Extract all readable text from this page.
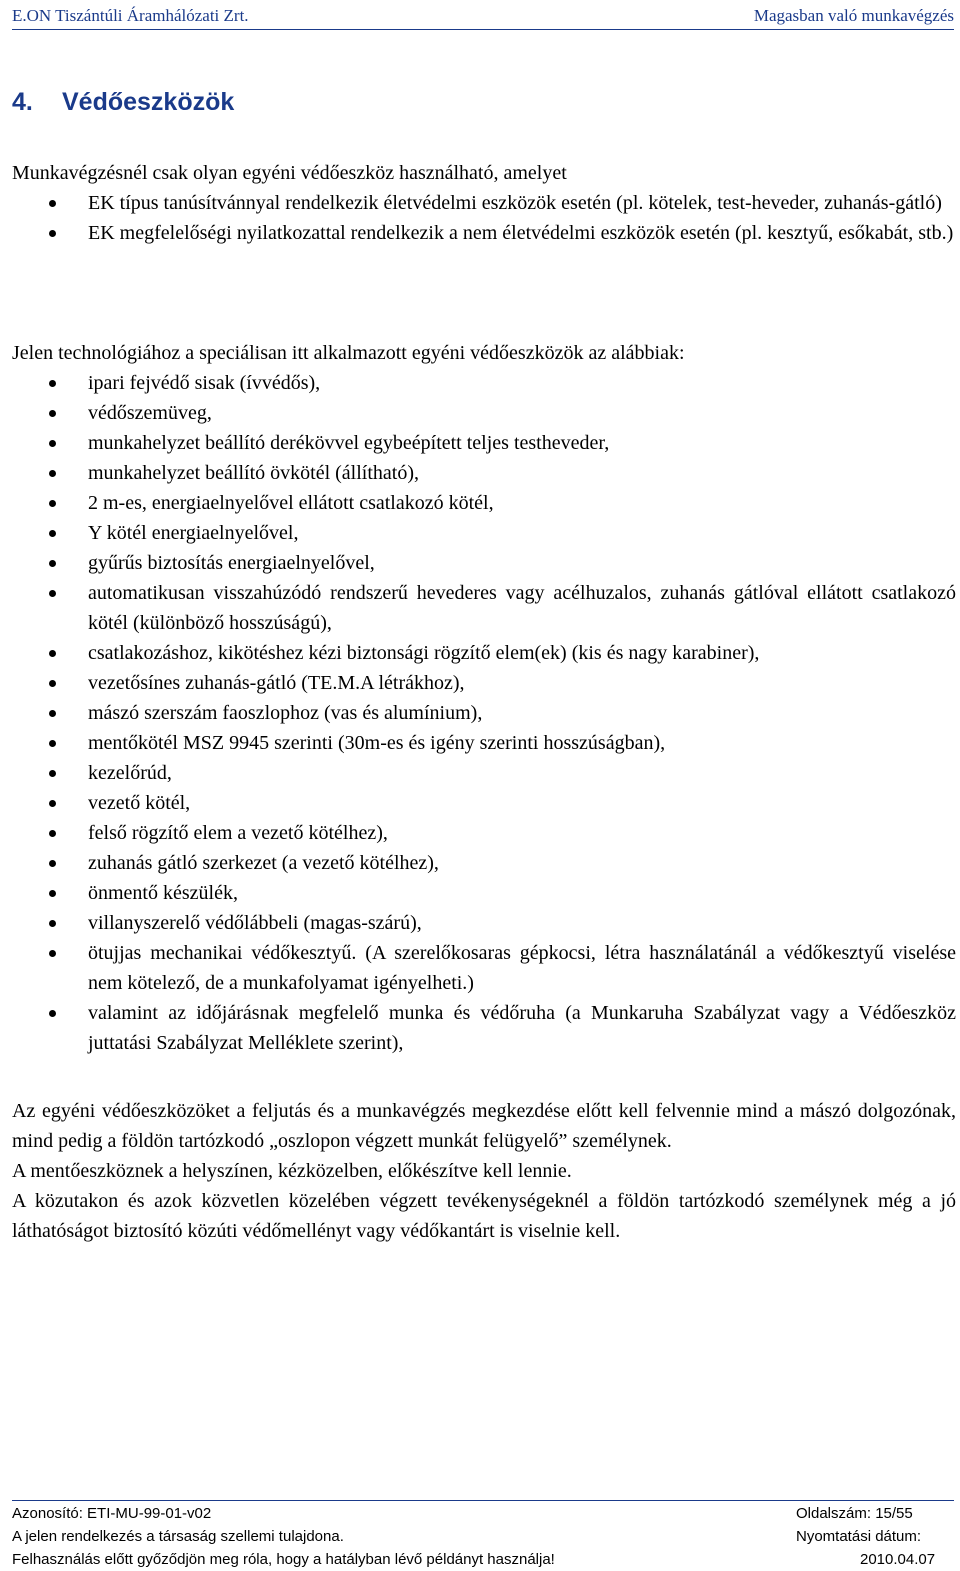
E.ON Tiszántúli Áramhálózati Zrt.	Magasban való munkavégzés
4. Védőeszközök

Munkavégzésnél csak olyan egyéni védőeszköz használható, amelyet

EK típus tanúsítvánnyal rendelkezik életvédelmi eszközök esetén (pl. kötelek, test-heveder, zuhanás-gátló)
EK megfelelőségi nyilatkozattal rendelkezik a nem életvédelmi eszközök esetén (pl. kesztyű, esőkabát, stb.)

Jelen technológiához a speciálisan itt alkalmazott egyéni védőeszközök az alábbiak:

ipari fejvédő sisak (ívvédős),
védőszemüveg,
munkahelyzet beállító derékövvel egybeépített teljes testheveder,
munkahelyzet beállító övkötél (állítható),
2 m-es, energiaelnyelővel ellátott csatlakozó kötél,
Y kötél energiaelnyelővel,
gyűrűs biztosítás energiaelnyelővel,
automatikusan visszahúzódó rendszerű hevederes vagy acélhuzalos, zuhanás gátlóval ellátott csatlakozó kötél (különböző hosszúságú),
csatlakozáshoz, kikötéshez kézi biztonsági rögzítő elem(ek) (kis és nagy karabiner),
vezetősínes zuhanás-gátló (TE.M.A létrákhoz),
mászó szerszám faoszlophoz (vas és alumínium),
mentőkötél MSZ 9945 szerinti (30m-es és igény szerinti hosszúságban),
kezelőrúd,
vezető kötél,
felső rögzítő elem a vezető kötélhez),
zuhanás gátló szerkezet (a vezető kötélhez),
önmentő készülék,
villanyszerelő védőlábbeli (magas-szárú),
ötujjas mechanikai védőkesztyű. (A szerelőkosaras gépkocsi, létra használatánál a védőkesztyű viselése nem kötelező, de a munkafolyamat igényelheti.)
valamint az időjárásnak megfelelő munka és védőruha (a Munkaruha Szabályzat vagy a Védőeszköz juttatási Szabályzat Melléklete szerint),

Az egyéni védőeszközöket a feljutás és a munkavégzés megkezdése előtt kell felvennie mind a mászó dolgozónak, mind pedig a földön tartózkodó „oszlopon végzett munkát felügyelő” személynek.

A mentőeszköznek a helyszínen, kézközelben, előkészítve kell lennie.

A közutakon és azok közvetlen közelében végzett tevékenységeknél a földön tartózkodó személynek még a jó láthatóságot biztosító közúti védőmellényt vagy védőkantárt is viselnie kell.

Azonosító: ETI-MU-99-01-v02	Oldalszám: 15/55
A jelen rendelkezés a társaság szellemi tulajdona.	Nyomtatási dátum:
Felhasználás előtt győződjön meg róla, hogy a hatályban lévő példányt használja!	2010.04.07
